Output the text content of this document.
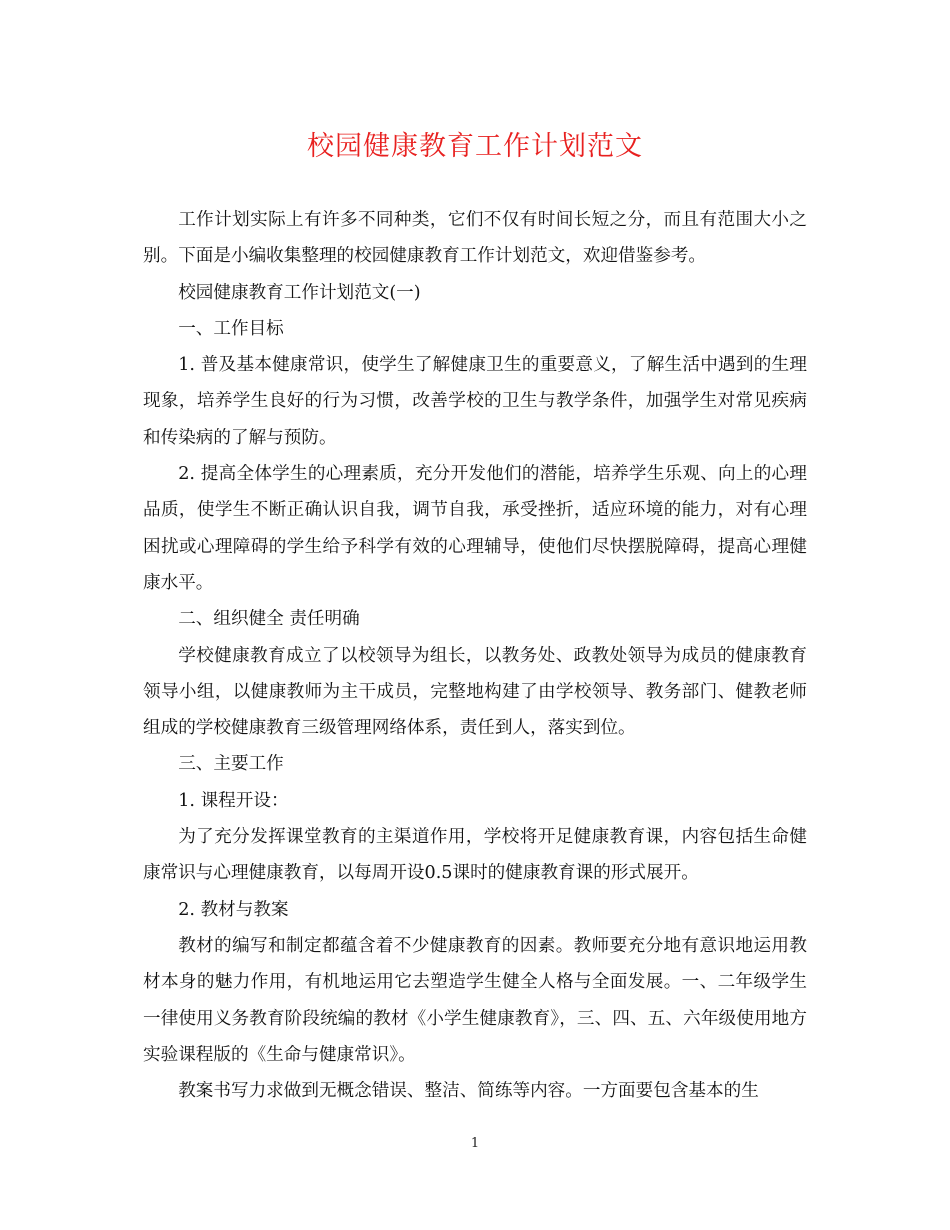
校园健康教育工作计划范文

工作计划实际上有许多不同种类，它们不仅有时间长短之分，而且有范围大小之别。下面是小编收集整理的校园健康教育工作计划范文，欢迎借鉴参考。

校园健康教育工作计划范文(一)

一、工作目标

1. 普及基本健康常识，使学生了解健康卫生的重要意义，了解生活中遇到的生理现象，培养学生良好的行为习惯，改善学校的卫生与教学条件，加强学生对常见疾病和传染病的了解与预防。

2. 提高全体学生的心理素质，充分开发他们的潜能，培养学生乐观、向上的心理品质，使学生不断正确认识自我，调节自我，承受挫折，适应环境的能力，对有心理困扰或心理障碍的学生给予科学有效的心理辅导，使他们尽快摆脱障碍，提高心理健康水平。

二、组织健全 责任明确

学校健康教育成立了以校领导为组长，以教务处、政教处领导为成员的健康教育领导小组，以健康教师为主干成员，完整地构建了由学校领导、教务部门、健教老师组成的学校健康教育三级管理网络体系，责任到人，落实到位。

三、主要工作

1. 课程开设：

为了充分发挥课堂教育的主渠道作用，学校将开足健康教育课，内容包括生命健康常识与心理健康教育，以每周开设0.5课时的健康教育课的形式展开。

2. 教材与教案

教材的编写和制定都蕴含着不少健康教育的因素。教师要充分地有意识地运用教材本身的魅力作用，有机地运用它去塑造学生健全人格与全面发展。一、二年级学生一律使用义务教育阶段统编的教材《小学生健康教育》，三、四、五、六年级使用地方实验课程版的《生命与健康常识》。

教案书写力求做到无概念错误、整洁、简练等内容。一方面要包含基本的生

1
